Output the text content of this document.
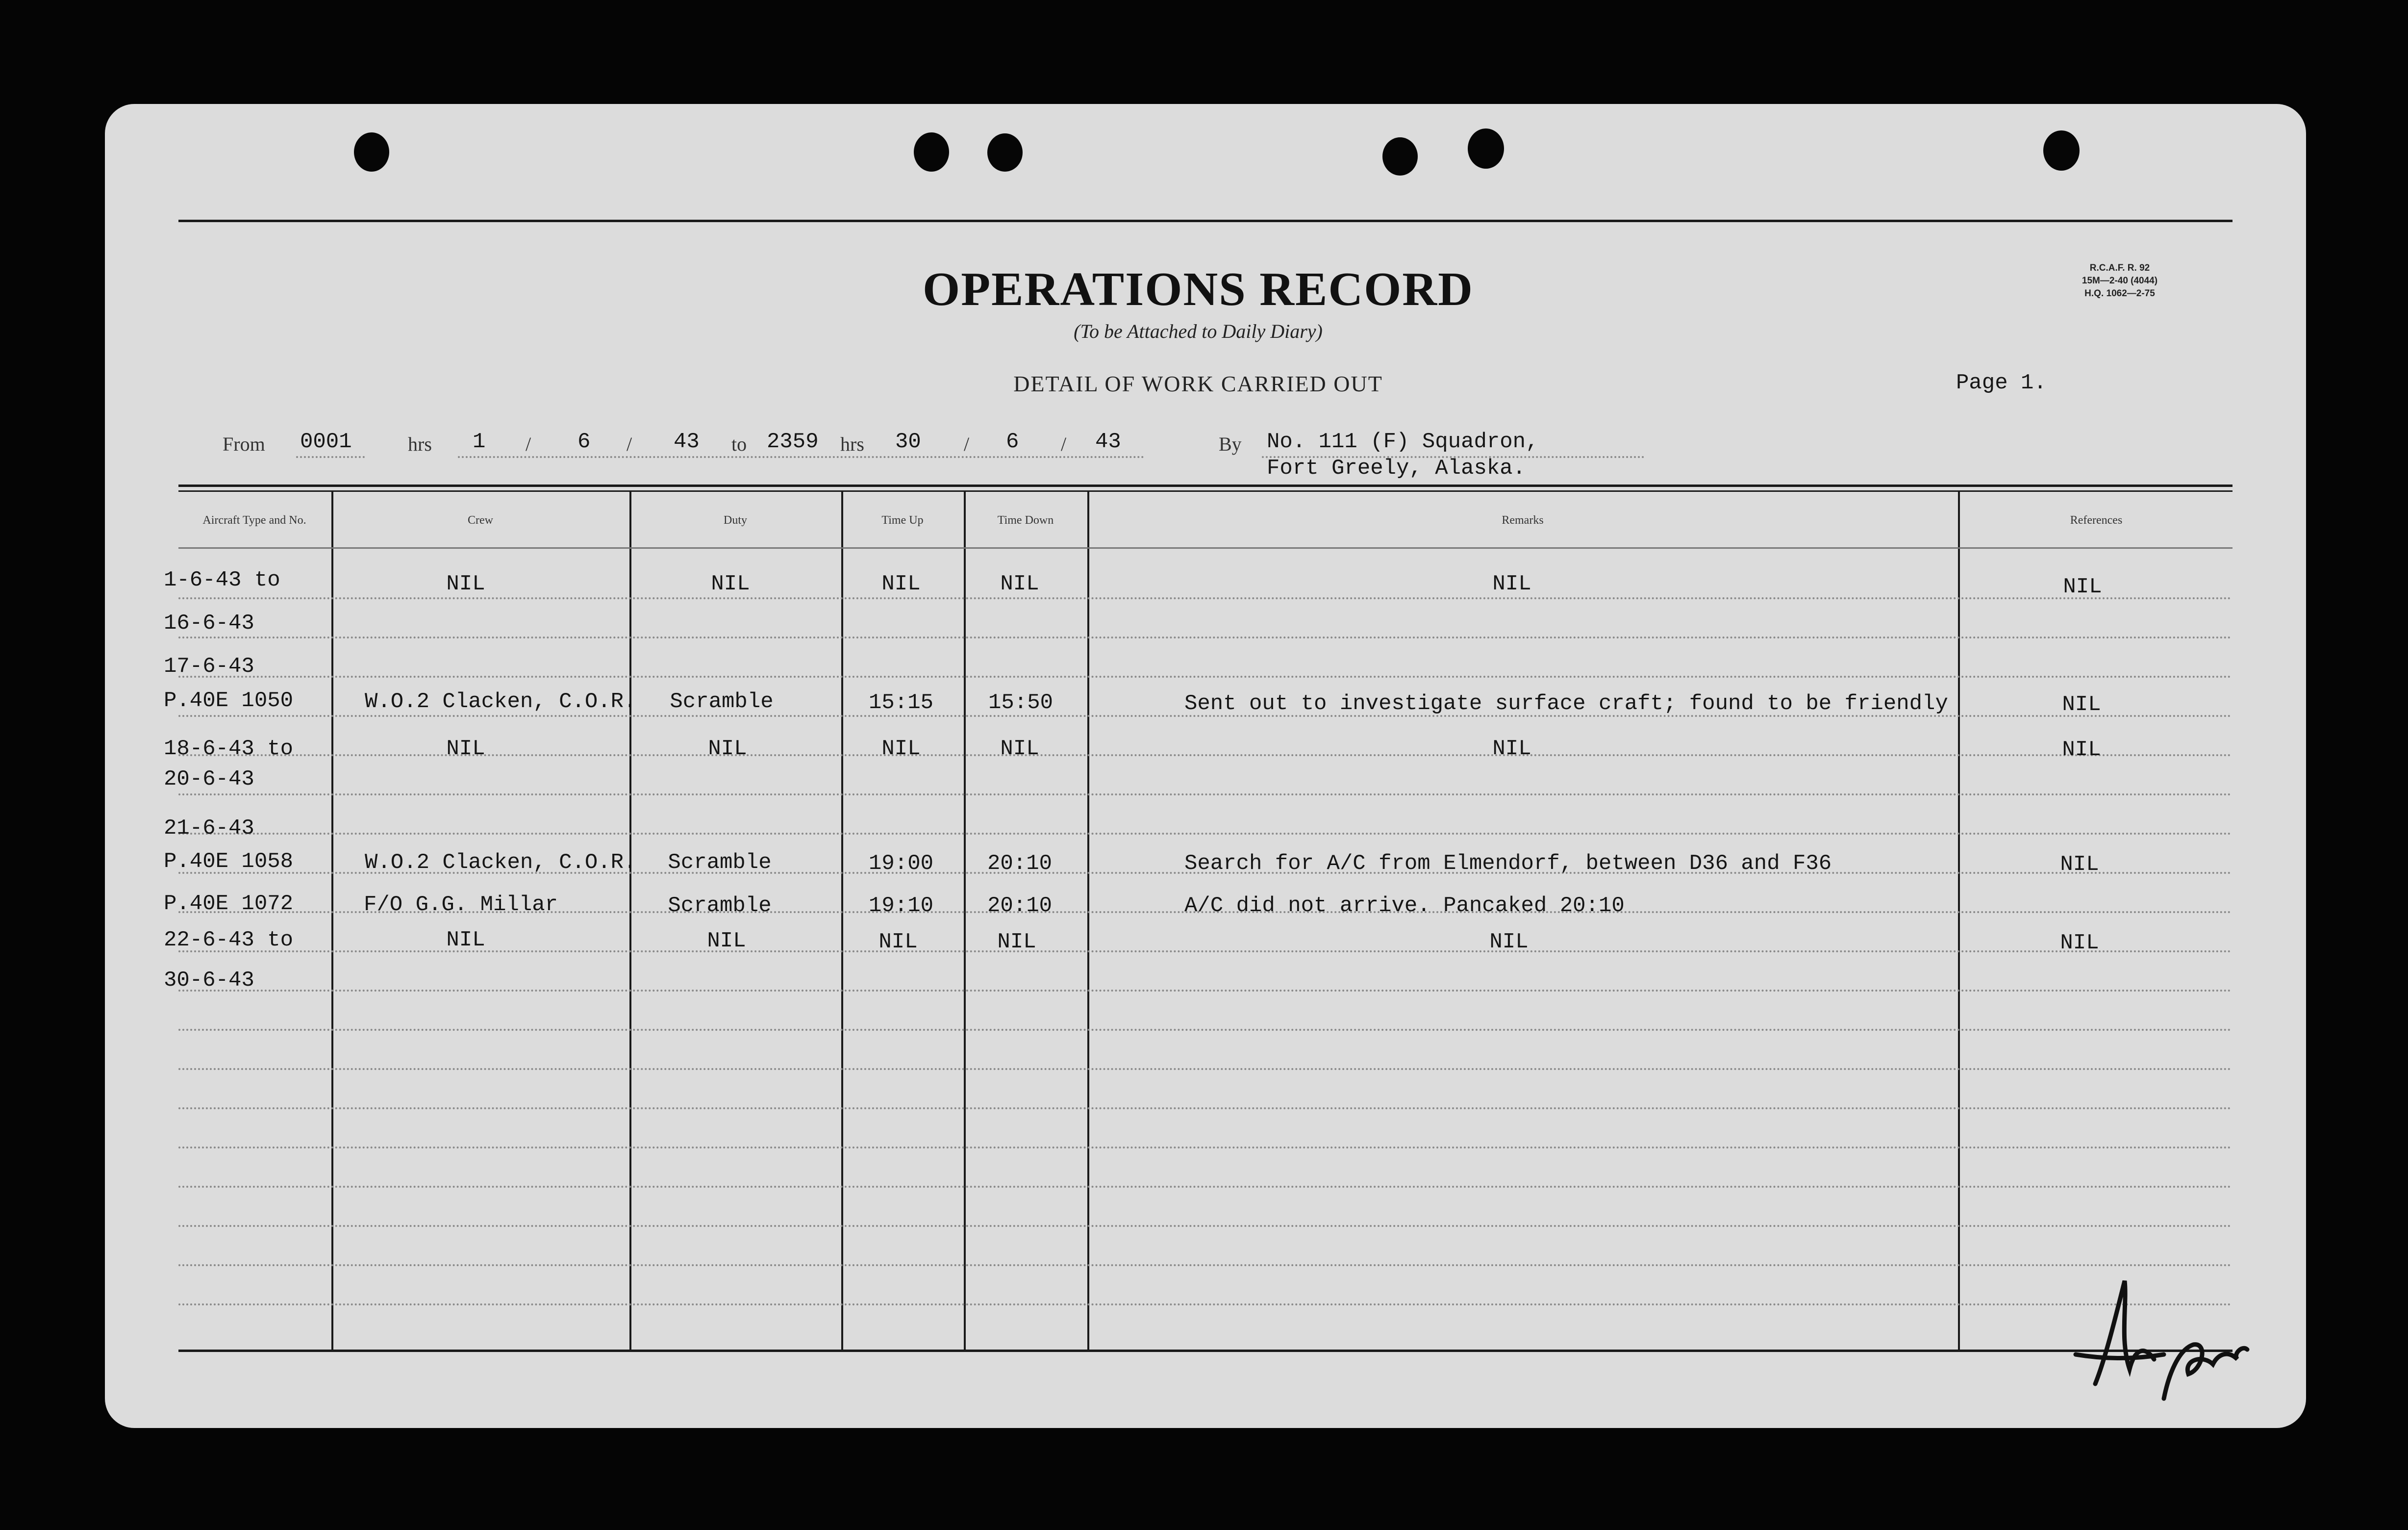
OPERATIONS RECORD
(To be Attached to Daily Diary)
DETAIL OF WORK CARRIED OUT	Page 1.
R.C.A.F. R. 92
15M—2-40 (4044)
H.Q. 1062—2-75
From 0001	hrs 1 / 6 / 43 to 2359 hrs 30 / 6 / 43	By No. 111 (F) Squadron,
Fort Greely, Alaska.
Aircraft Type and No.	Crew	Duty	Time Up	Time Down	Remarks	References
1-6-43 to	NIL	NIL	NIL	NIL	NIL	NIL
16-6-43
17-6-43
P.40E 1050	W.O.2 Clacken, C.O.R. Scramble	15:15	15:50	Sent out to investigate surface craft; found to be friendly	NIL
18-6-43 to	NIL	NIL	NIL	NIL	NIL	NIL
20-6-43
21-6-43
P.40E 1058	W.O.2 Clacken, C.O.R. Scramble	19:00 20:10	Search for A/C from Elmendorf, between D36 and F36	NIL
P.40E 1072	F/O G.G. Millar	Scramble	19:10 20:10	A/C did not arrive. Pancaked 20:10
22-6-43 to	NIL	NIL	NIL	NIL	NIL	NIL
30-6-43
